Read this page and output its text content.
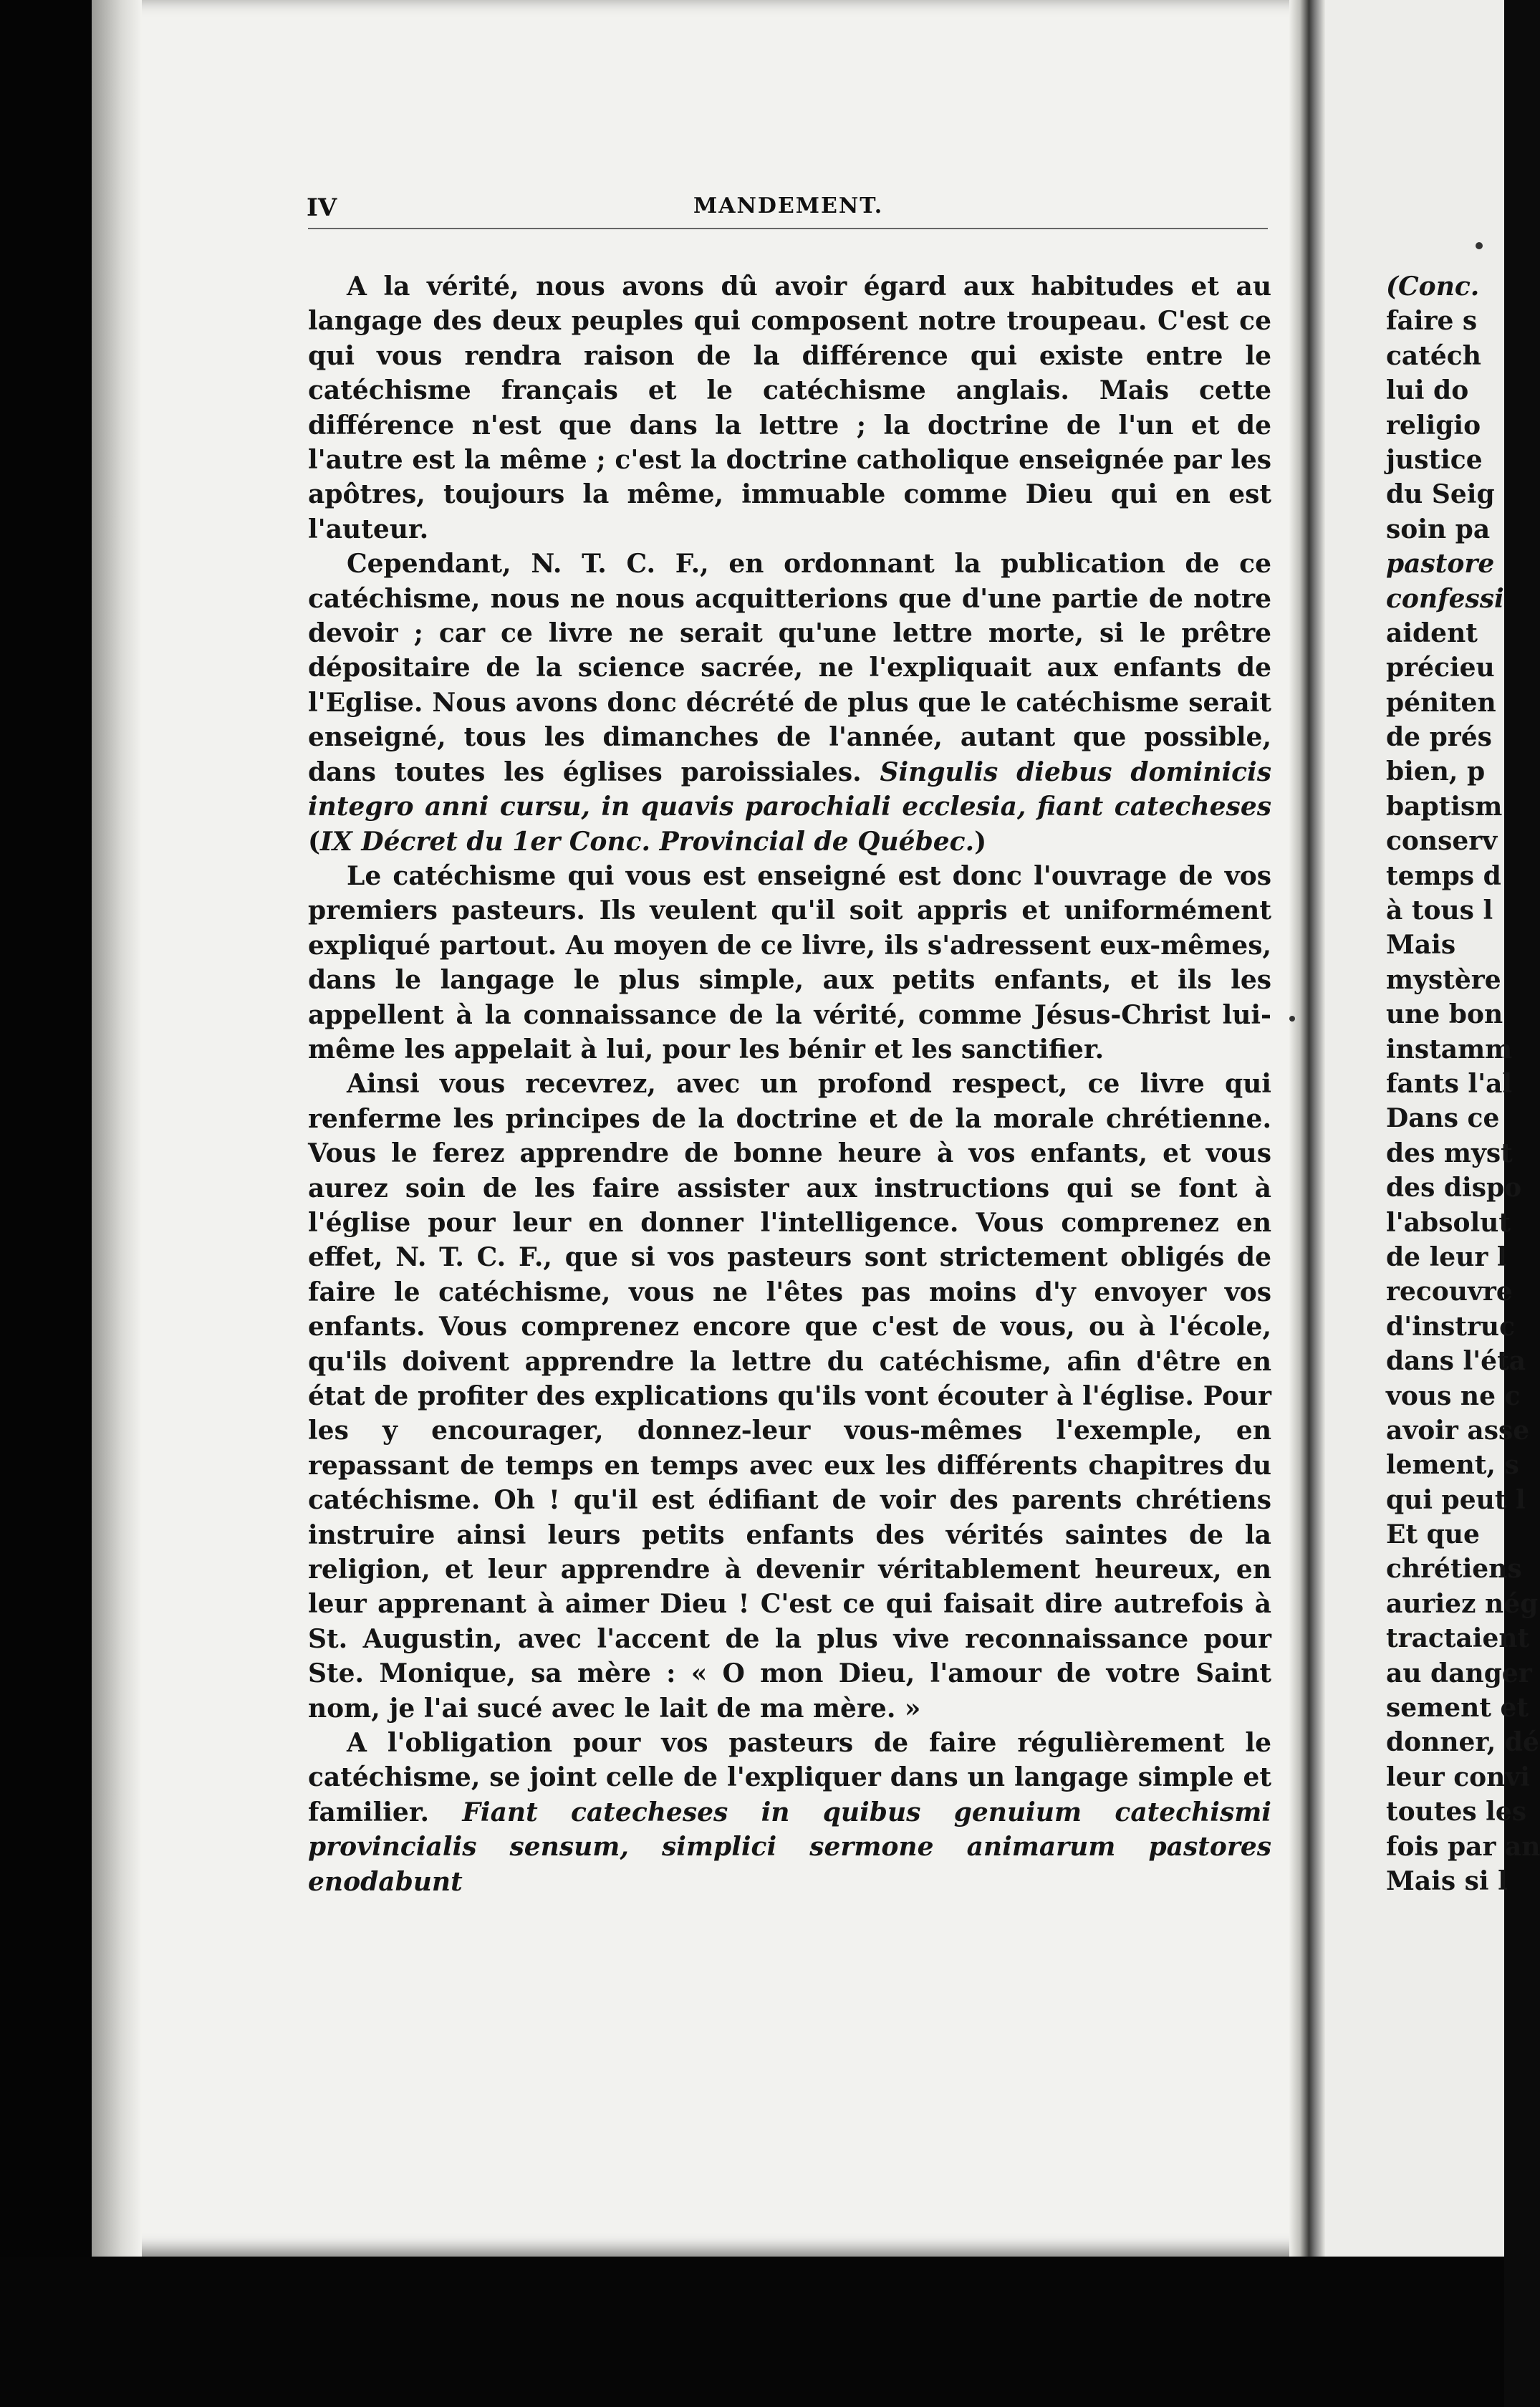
IV	MANDEMENT.

A la vérité, nous avons dû avoir égard aux habitudes et au langage des deux peuples qui composent notre troupeau. C'est ce qui vous rendra raison de la différence qui existe entre le catéchisme français et le catéchisme anglais. Mais cette différence n'est que dans la lettre ; la doctrine de l'un et de l'autre est la même ; c'est la doctrine catholique enseignée par les apôtres, toujours la même, immuable comme Dieu qui en est l'auteur.

Cependant, N. T. C. F., en ordonnant la publication de ce catéchisme, nous ne nous acquitterions que d'une partie de notre devoir ; car ce livre ne serait qu'une lettre morte, si le prêtre dépositaire de la science sacrée, ne l'expliquait aux enfants de l'Eglise. Nous avons donc décrété de plus que le catéchisme serait enseigné, tous les dimanches de l'année, autant que possible, dans toutes les églises paroissiales. Singulis diebus dominicis integro anni cursu, in quavis parochiali ecclesia, fiant catecheses (IX Décret du 1er Conc. Provincial de Québec.)

Le catéchisme qui vous est enseigné est donc l'ouvrage de vos premiers pasteurs. Ils veulent qu'il soit appris et uniformément expliqué partout. Au moyen de ce livre, ils s'adressent eux-mêmes, dans le langage le plus simple, aux petits enfants, et ils les appellent à la connaissance de la vérité, comme Jésus-Christ lui-même les appelait à lui, pour les bénir et les sanctifier.

Ainsi vous recevrez, avec un profond respect, ce livre qui renferme les principes de la doctrine et de la morale chrétienne. Vous le ferez apprendre de bonne heure à vos enfants, et vous aurez soin de les faire assister aux instructions qui se font à l'église pour leur en donner l'intelligence. Vous comprenez en effet, N. T. C. F., que si vos pasteurs sont strictement obligés de faire le catéchisme, vous ne l'êtes pas moins d'y envoyer vos enfants. Vous comprenez encore que c'est de vous, ou à l'école, qu'ils doivent apprendre la lettre du catéchisme, afin d'être en état de profiter des explications qu'ils vont écouter à l'église. Pour les y encourager, donnez-leur vous-mêmes l'exemple, en repassant de temps en temps avec eux les différents chapitres du catéchisme. Oh ! qu'il est édifiant de voir des parents chrétiens instruire ainsi leurs petits enfants des vérités saintes de la religion, et leur apprendre à devenir véritablement heureux, en leur apprenant à aimer Dieu ! C'est ce qui faisait dire autrefois à St. Augustin, avec l'accent de la plus vive reconnaissance pour Ste. Monique, sa mère : « O mon Dieu, l'amour de votre Saint nom, je l'ai sucé avec le lait de ma mère. »

A l'obligation pour vos pasteurs de faire régulièrement le catéchisme, se joint celle de l'expliquer dans un langage simple et familier. Fiant catecheses in quibus genuium catechismi provincialis sensum, simplici sermone animarum pastores enodabunt

(Conc.
faire s
catéch
lui do
religio
justice
du Seig
soin pa
pastore
confessi
aident
précieu
péniten
de prés
bien, p
baptism
conserv
temps d
à tous l
Mais
mystère
une bon
instamm
fants l'al
Dans ce
des myst
des dispo
l'absolut
de leur l
recouvre
d'instruc
dans l'éta
vous ne c
avoir asse
lement, s
qui peut l
Et que
chrétiens
auriez nég
tractaient
au danger
sement et
donner, dé
leur convi
toutes les
fois par an
Mais si l
